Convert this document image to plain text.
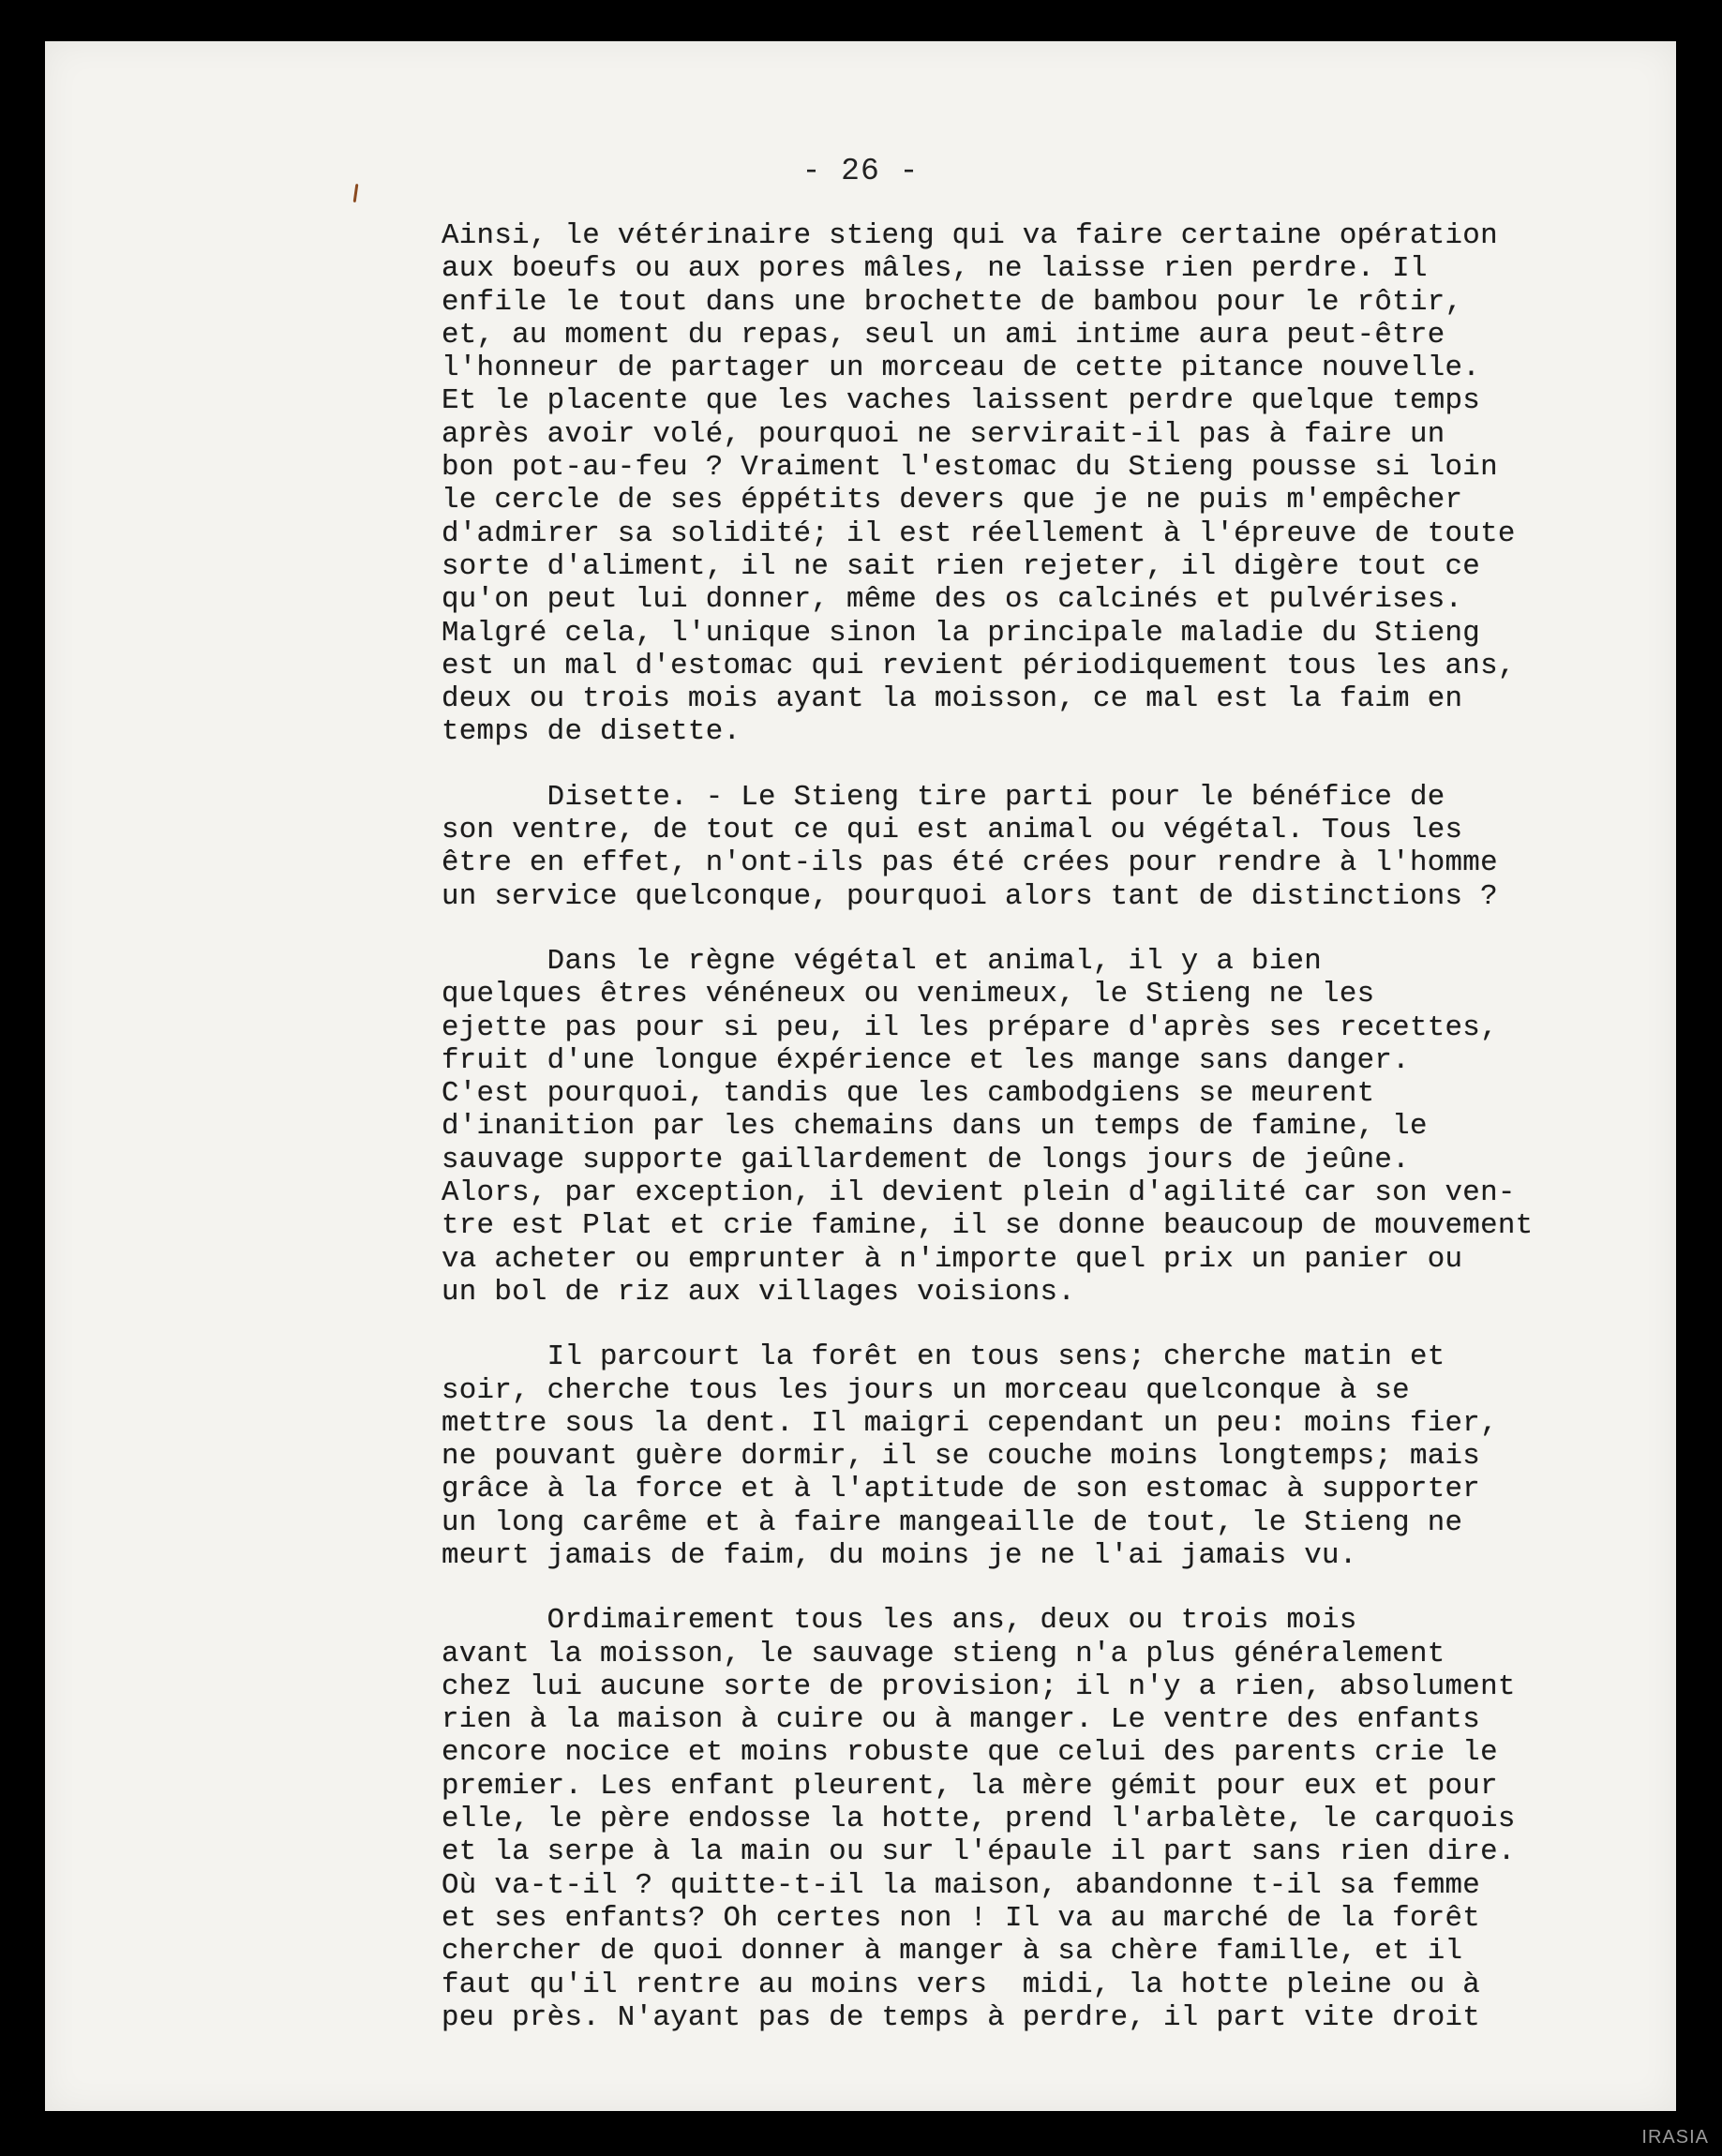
- 26 -
Ainsi, le vétérinaire stieng qui va faire certaine opération
aux boeufs ou aux pores mâles, ne laisse rien perdre. Il
enfile le tout dans une brochette de bambou pour le rôtir,
et, au moment du repas, seul un ami intime aura peut-être
l'honneur de partager un morceau de cette pitance nouvelle.
Et le placente que les vaches laissent perdre quelque temps
après avoir volé, pourquoi ne servirait-il pas à faire un
bon pot-au-feu ? Vraiment l'estomac du Stieng pousse si loin
le cercle de ses éppétits devers que je ne puis m'empêcher
d'admirer sa solidité; il est réellement à l'épreuve de toute
sorte d'aliment, il ne sait rien rejeter, il digère tout ce
qu'on peut lui donner, même des os calcinés et pulvérises.
Malgré cela, l'unique sinon la principale maladie du Stieng
est un mal d'estomac qui revient périodiquement tous les ans,
deux ou trois mois ayant la moisson, ce mal est la faim en
temps de disette.
Disette. - Le Stieng tire parti pour le bénéfice de
son ventre, de tout ce qui est animal ou végétal. Tous les
être en effet, n'ont-ils pas été crées pour rendre à l'homme
un service quelconque, pourquoi alors tant de distinctions ?
Dans le règne végétal et animal, il y a bien
quelques êtres vénéneux ou venimeux, le Stieng ne les
ejette pas pour si peu, il les prépare d'après ses recettes,
fruit d'une longue éxpérience et les mange sans danger.
C'est pourquoi, tandis que les cambodgiens se meurent
d'inanition par les chemains dans un temps de famine, le
sauvage supporte gaillardement de longs jours de jeûne.
Alors, par exception, il devient plein d'agilité car son ven-
tre est Plat et crie famine, il se donne beaucoup de mouvement
va acheter ou emprunter à n'importe quel prix un panier ou
un bol de riz aux villages voisions.
Il parcourt la forêt en tous sens; cherche matin et
soir, cherche tous les jours un morceau quelconque à se
mettre sous la dent. Il maigri cependant un peu: moins fier,
ne pouvant guère dormir, il se couche moins longtemps; mais
grâce à la force et à l'aptitude de son estomac à supporter
un long carême et à faire mangeaille de tout, le Stieng ne
meurt jamais de faim, du moins je ne l'ai jamais vu.
Ordimairement tous les ans, deux ou trois mois
avant la moisson, le sauvage stieng n'a plus généralement
chez lui aucune sorte de provision; il n'y a rien, absolument
rien à la maison à cuire ou à manger. Le ventre des enfants
encore nocice et moins robuste que celui des parents crie le
premier. Les enfant pleurent, la mère gémit pour eux et pour
elle, le père endosse la hotte, prend l'arbalète, le carquois
et la serpe à la main ou sur l'épaule il part sans rien dire.
Où va-t-il ? quitte-t-il la maison, abandonne t-il sa femme
et ses enfants? Oh certes non ! Il va au marché de la forêt
chercher de quoi donner à manger à sa chère famille, et il
faut qu'il rentre au moins vers  midi, la hotte pleine ou à
peu près. N'ayant pas de temps à perdre, il part vite droit
IRASIA
